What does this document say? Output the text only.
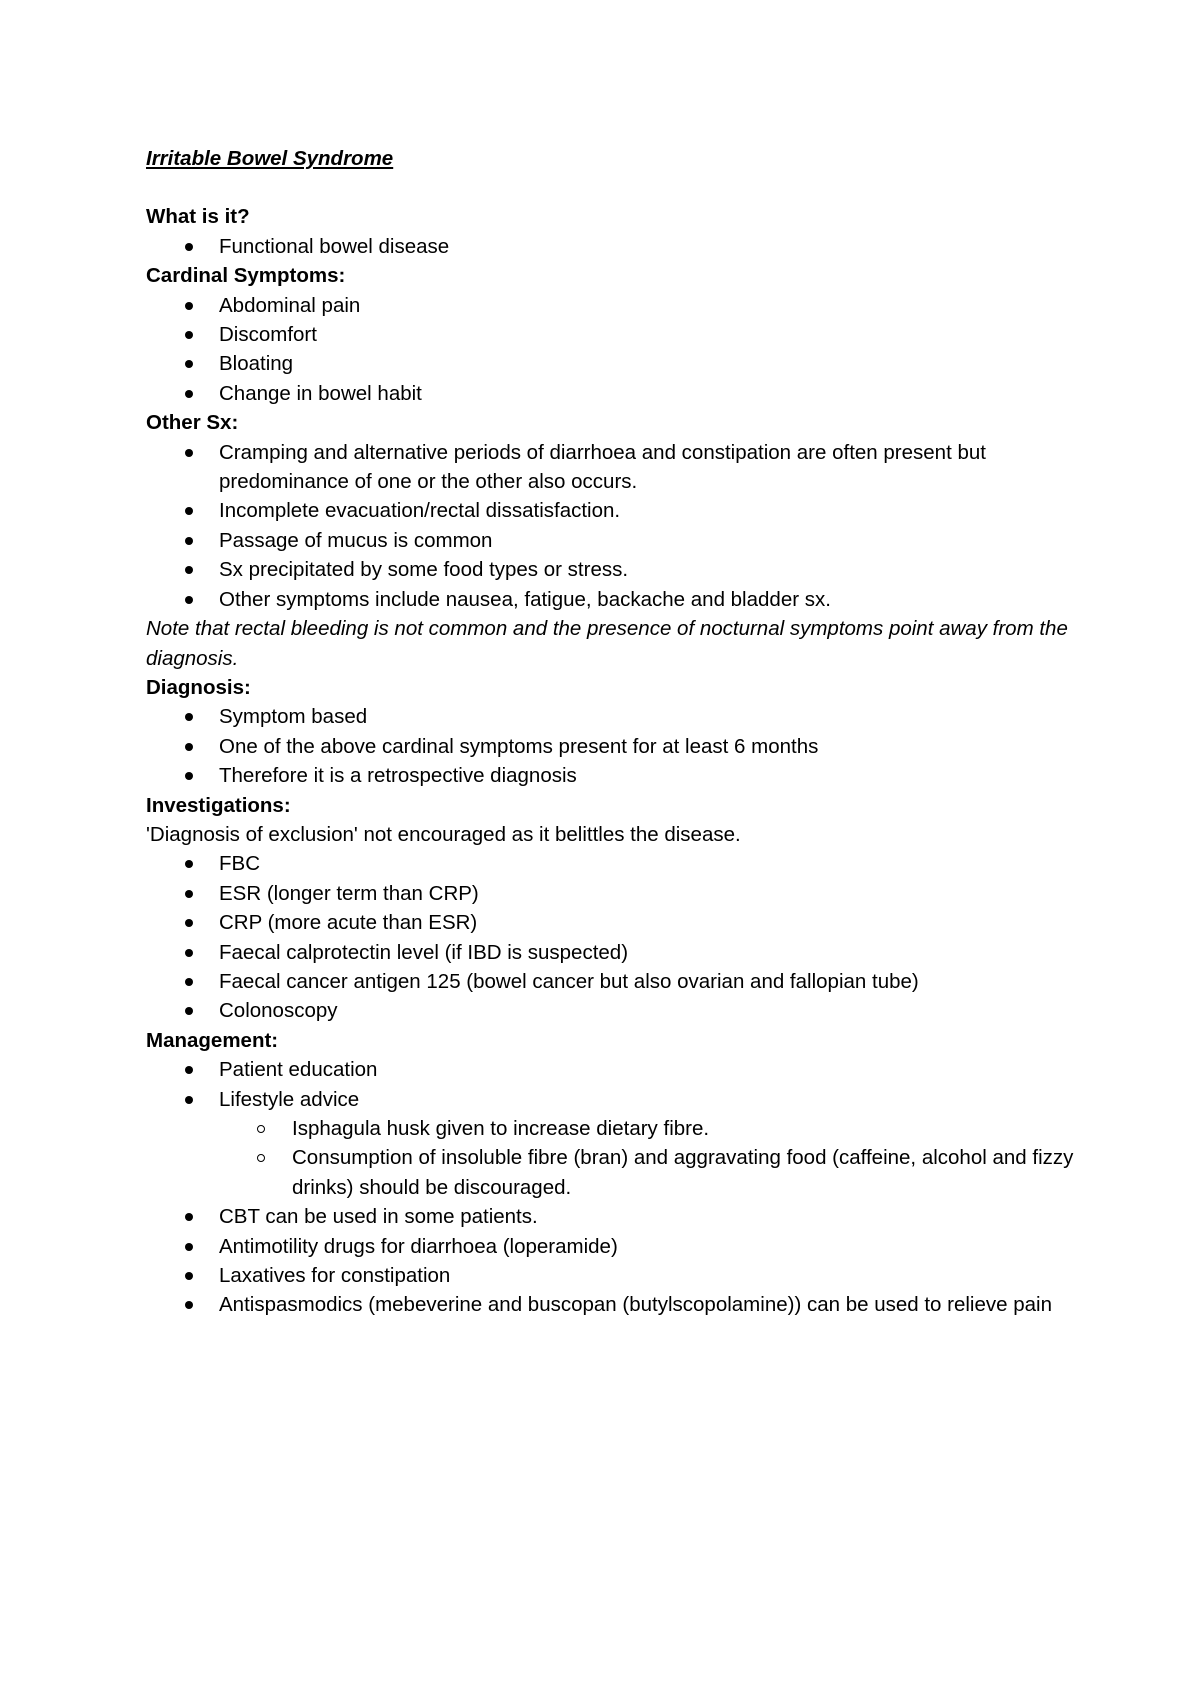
Irritable Bowel Syndrome

What is it?

Functional bowel disease

Cardinal Symptoms:

Abdominal pain
Discomfort
Bloating
Change in bowel habit

Other Sx:

Cramping and alternative periods of diarrhoea and constipation are often present but predominance of one or the other also occurs.
Incomplete evacuation/rectal dissatisfaction.
Passage of mucus is common
Sx precipitated by some food types or stress.
Other symptoms include nausea, fatigue, backache and bladder sx.

Note that rectal bleeding is not common and the presence of nocturnal symptoms point away from the diagnosis.

Diagnosis:

Symptom based
One of the above cardinal symptoms present for at least 6 months
Therefore it is a retrospective diagnosis

Investigations:

'Diagnosis of exclusion' not encouraged as it belittles the disease.

FBC
ESR (longer term than CRP)
CRP (more acute than ESR)
Faecal calprotectin level (if IBD is suspected)
Faecal cancer antigen 125 (bowel cancer but also ovarian and fallopian tube)
Colonoscopy

Management:

Patient education
Lifestyle advice
Isphagula husk given to increase dietary fibre.
Consumption of insoluble fibre (bran) and aggravating food (caffeine, alcohol and fizzy drinks) should be discouraged.
CBT can be used in some patients.
Antimotility drugs for diarrhoea (loperamide)
Laxatives for constipation
Antispasmodics (mebeverine and buscopan (butylscopolamine)) can be used to relieve pain
